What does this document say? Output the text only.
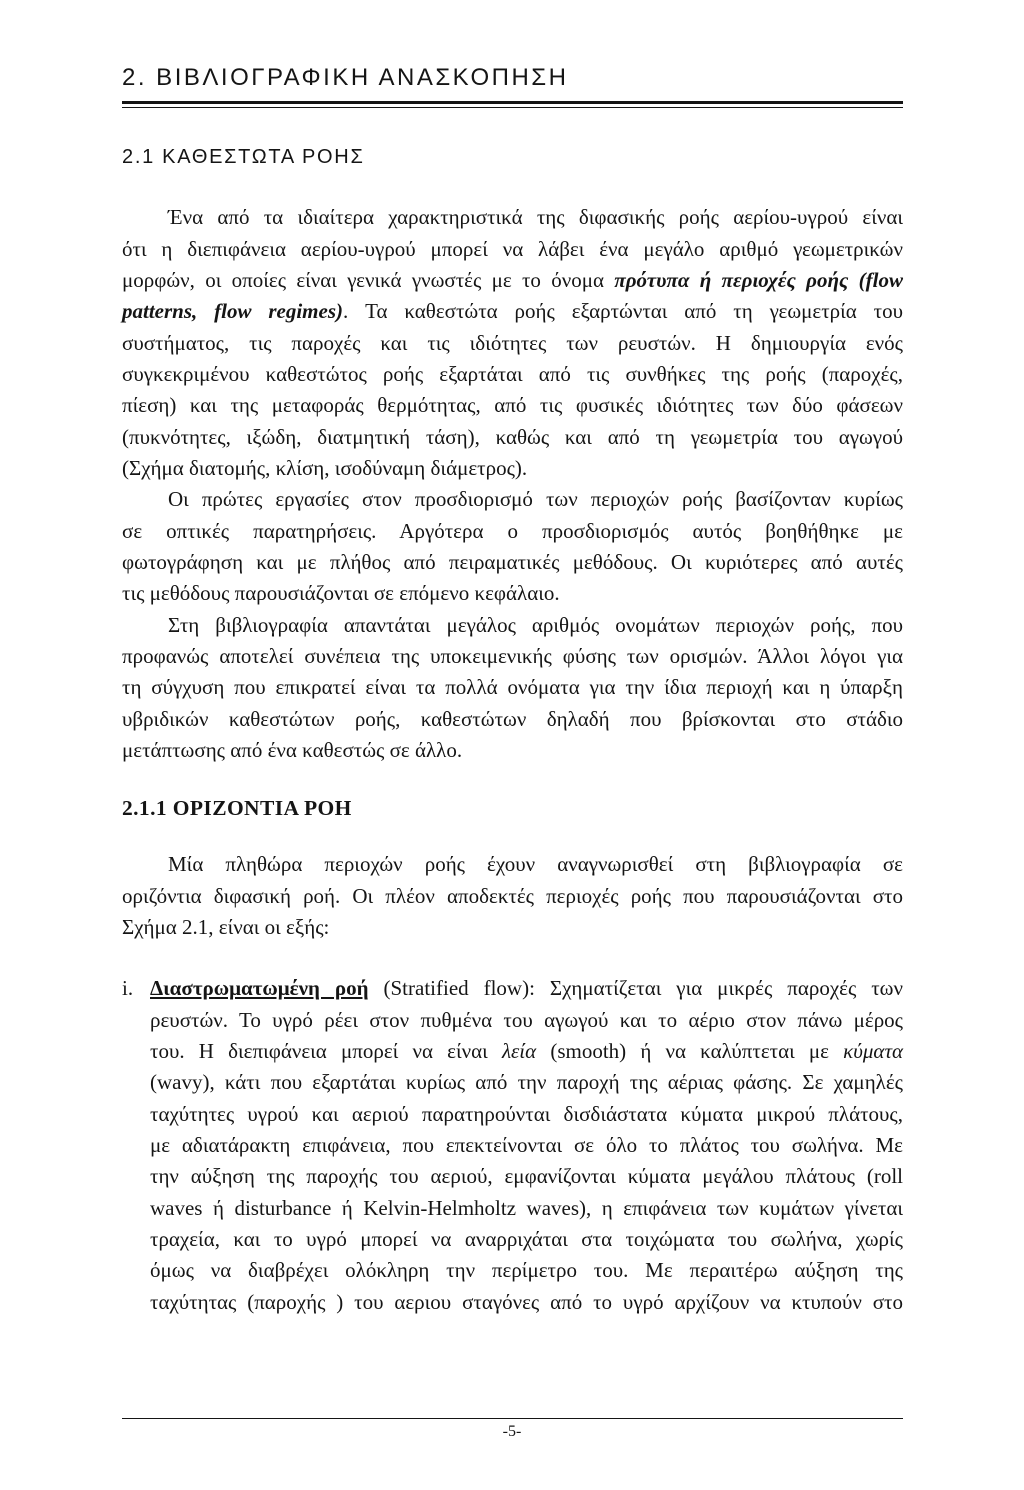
2. ΒΙΒΛΙΟΓΡΑΦΙΚΗ ΑΝΑΣΚΟΠΗΣΗ
2.1 ΚΑΘΕΣΤΩΤΑ ΡΟΗΣ
Ένα από τα ιδιαίτερα χαρακτηριστικά της διφασικής ροής αερίου-υγρού είναι
ότι η διεπιφάνεια αερίου-υγρού μπορεί να λάβει ένα μεγάλο αριθμό γεωμετρικών
μορφών, οι οποίες είναι γενικά γνωστές με το όνομα πρότυπα ή περιοχές ροής (flow
patterns, flow regimes). Τα καθεστώτα ροής εξαρτώνται από τη γεωμετρία του
συστήματος, τις παροχές και τις ιδιότητες των ρευστών. Η δημιουργία ενός
συγκεκριμένου καθεστώτος ροής εξαρτάται από τις συνθήκες της ροής (παροχές,
πίεση) και της μεταφοράς θερμότητας, από τις φυσικές ιδιότητες των δύο φάσεων
(πυκνότητες, ιξώδη, διατμητική τάση), καθώς και από τη γεωμετρία του αγωγού
(Σχήμα διατομής, κλίση, ισοδύναμη διάμετρος).
Οι πρώτες εργασίες στον προσδιορισμό των περιοχών ροής βασίζονταν κυρίως
σε οπτικές παρατηρήσεις. Αργότερα ο προσδιορισμός αυτός βοηθήθηκε με
φωτογράφηση και με πλήθος από πειραματικές μεθόδους. Οι κυριότερες από αυτές
τις μεθόδους παρουσιάζονται σε επόμενο κεφάλαιο.
Στη βιβλιογραφία απαντάται μεγάλος αριθμός ονομάτων περιοχών ροής, που
προφανώς αποτελεί συνέπεια της υποκειμενικής φύσης των ορισμών. Άλλοι λόγοι για
τη σύγχυση που επικρατεί είναι τα πολλά ονόματα για την ίδια περιοχή και η ύπαρξη
υβριδικών καθεστώτων ροής, καθεστώτων δηλαδή που βρίσκονται στο στάδιο
μετάπτωσης από ένα καθεστώς σε άλλο.
2.1.1 ΟΡΙΖΟΝΤΙΑ ΡΟΗ
Μία πληθώρα περιοχών ροής έχουν αναγνωρισθεί στη βιβλιογραφία σε
οριζόντια διφασική ροή. Οι πλέον αποδεκτές περιοχές ροής που παρουσιάζονται στο
Σχήμα 2.1, είναι οι εξής:
i. Διαστρωματωμένη ροή (Stratified flow): Σχηματίζεται για μικρές παροχές των
ρευστών. Το υγρό ρέει στον πυθμένα του αγωγού και το αέριο στον πάνω μέρος
του. Η διεπιφάνεια μπορεί να είναι λεία (smooth) ή να καλύπτεται με κύματα
(wavy), κάτι που εξαρτάται κυρίως από την παροχή της αέριας φάσης. Σε χαμηλές
ταχύτητες υγρού και αεριού παρατηρούνται δισδιάστατα κύματα μικρού πλάτους,
με αδιατάρακτη επιφάνεια, που επεκτείνονται σε όλο το πλάτος του σωλήνα. Με
την αύξηση της παροχής του αεριού, εμφανίζονται κύματα μεγάλου πλάτους (roll
waves ή disturbance ή Kelvin-Helmholtz waves), η επιφάνεια των κυμάτων γίνεται
τραχεία, και το υγρό μπορεί να αναρριχάται στα τοιχώματα του σωλήνα, χωρίς
όμως να διαβρέχει ολόκληρη την περίμετρο του. Με περαιτέρω αύξηση της
ταχύτητας (παροχής ) του αεριου σταγόνες από το υγρό αρχίζουν να κτυπούν στο
-5-
